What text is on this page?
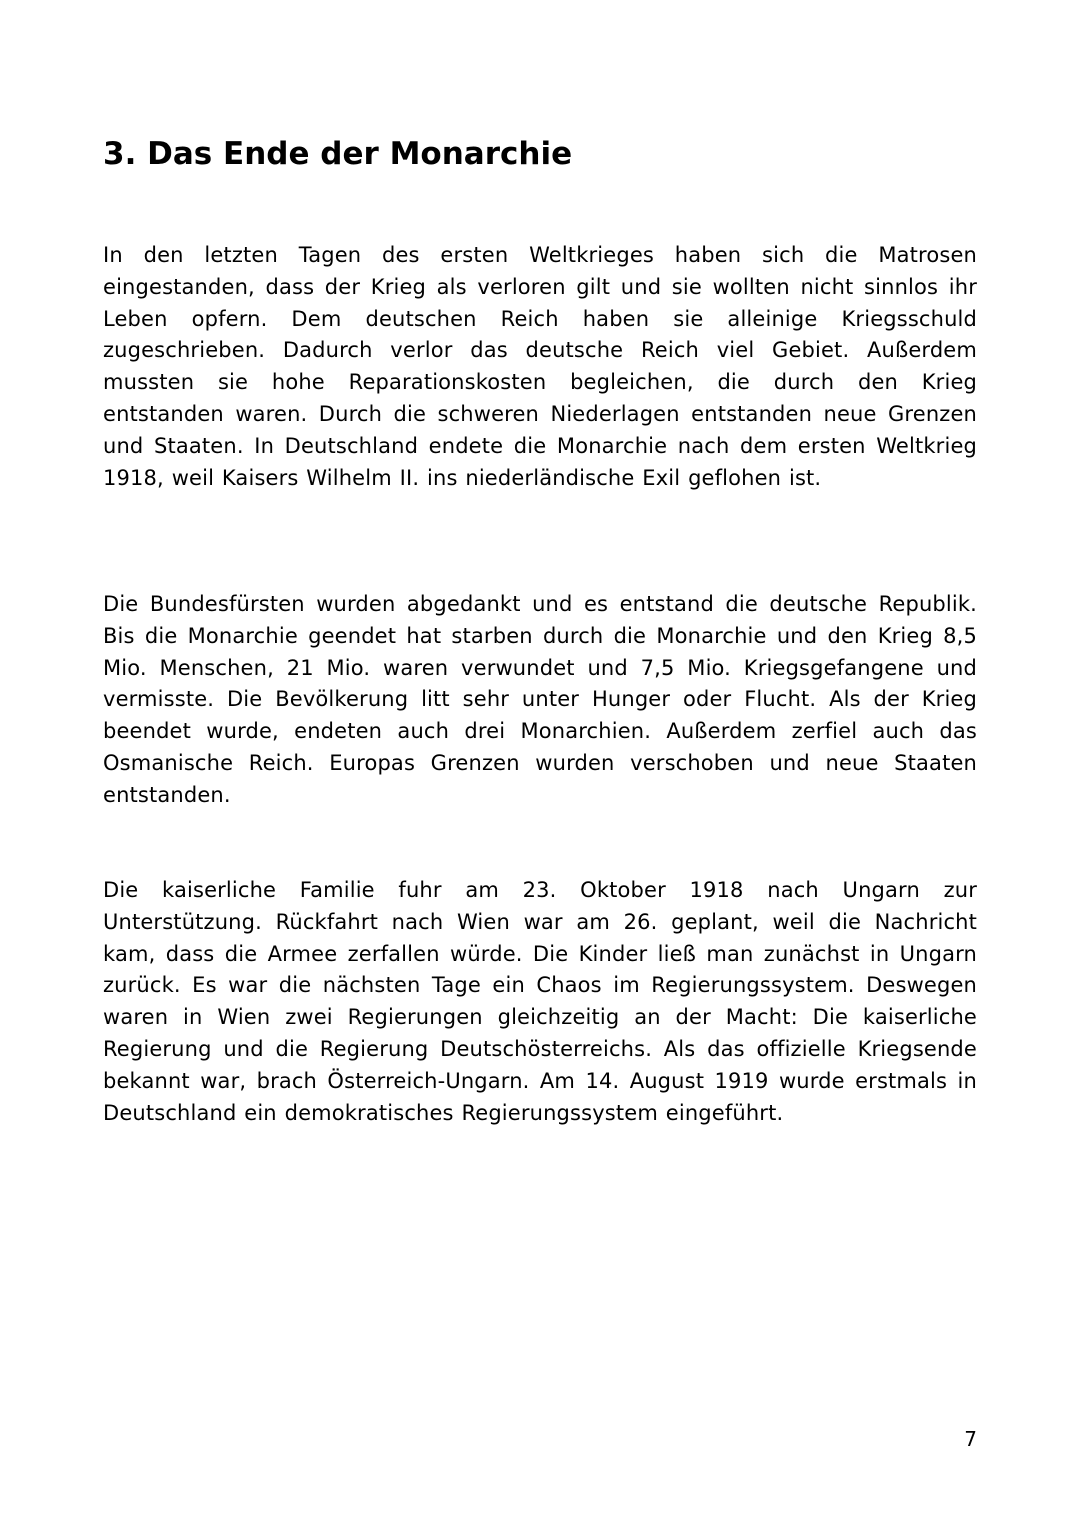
3. Das Ende der Monarchie

In den letzten Tagen des ersten Weltkrieges haben sich die Matrosen eingestanden, dass der Krieg als verloren gilt und sie wollten nicht sinnlos ihr Leben opfern. Dem deutschen Reich haben sie alleinige Kriegsschuld zugeschrieben. Dadurch verlor das deutsche Reich viel Gebiet. Außerdem mussten sie hohe Reparationskosten begleichen, die durch den Krieg entstanden waren. Durch die schweren Niederlagen entstanden neue Grenzen und Staaten. In Deutschland endete die Monarchie nach dem ersten Weltkrieg 1918, weil Kaisers Wilhelm II. ins niederländische Exil geflohen ist.

Die Bundesfürsten wurden abgedankt und es entstand die deutsche Republik. Bis die Monarchie geendet hat starben durch die Monarchie und den Krieg 8,5 Mio. Menschen, 21 Mio. waren verwundet und 7,5 Mio. Kriegsgefangene und vermisste. Die Bevölkerung litt sehr unter Hunger oder Flucht. Als der Krieg beendet wurde, endeten auch drei Monarchien. Außerdem zerfiel auch das Osmanische Reich. Europas Grenzen wurden verschoben und neue Staaten entstanden.

Die kaiserliche Familie fuhr am 23. Oktober 1918 nach Ungarn zur Unterstützung. Rückfahrt nach Wien war am 26. geplant, weil die Nachricht kam, dass die Armee zerfallen würde. Die Kinder ließ man zunächst in Ungarn zurück. Es war die nächsten Tage ein Chaos im Regierungssystem. Deswegen waren in Wien zwei Regierungen gleichzeitig an der Macht: Die kaiserliche Regierung und die Regierung Deutschösterreichs. Als das offizielle Kriegsende bekannt war, brach Österreich-Ungarn. Am 14. August 1919 wurde erstmals in Deutschland ein demokratisches Regierungssystem eingeführt.

7
